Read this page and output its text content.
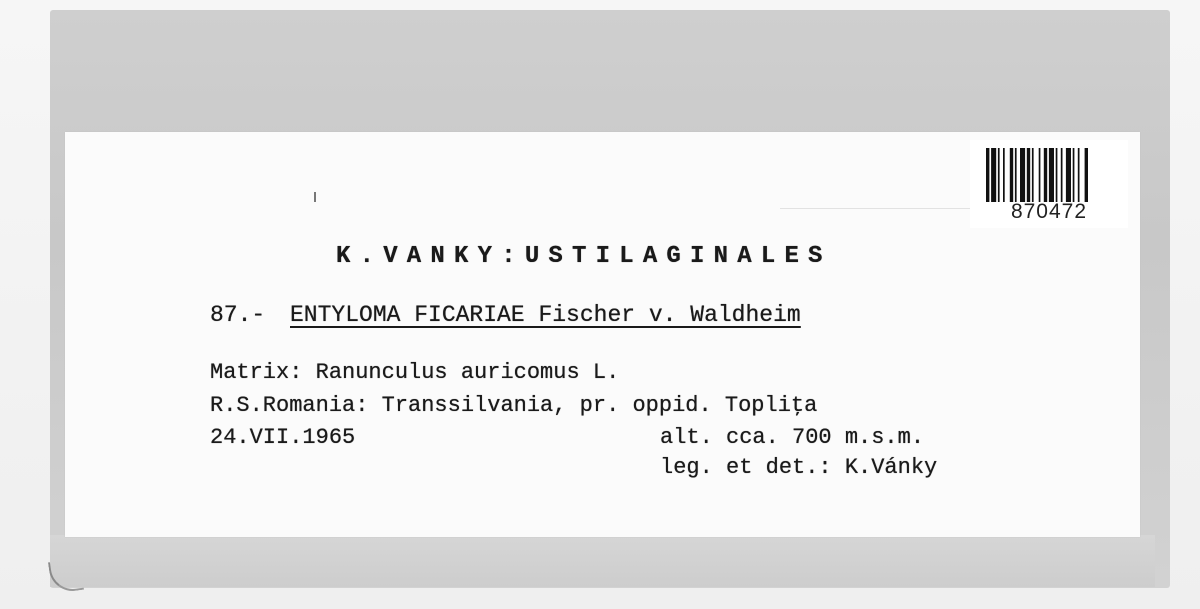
870472
K.VANKY:USTILAGINALES
87.- ENTYLOMA FICARIAE Fischer v. Waldheim
Matrix: Ranunculus auricomus L.
R.S.Romania: Transsilvania, pr. oppid. Topliţa
24.VII.1965	alt. cca. 700 m.s.m.
leg. et det.: K.Vánky
